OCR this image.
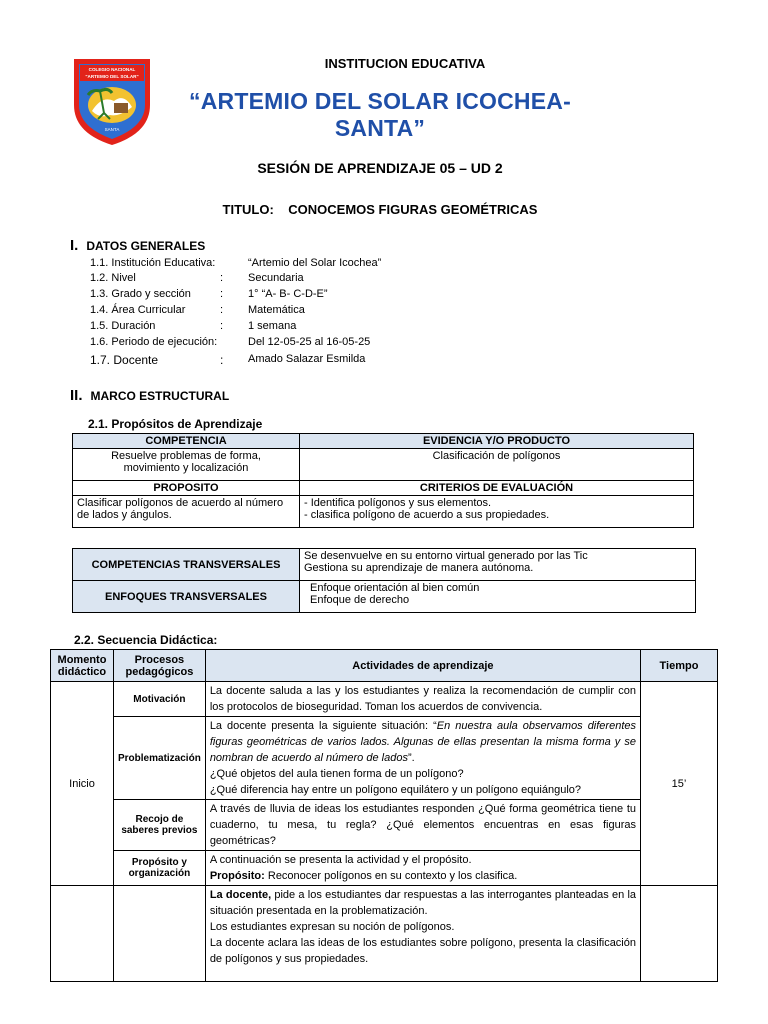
COLEGIO NACIONAL
"ARTEMIO DEL SOLAR"
SANTA
INSTITUCION EDUCATIVA
“ARTEMIO DEL SOLAR ICOCHEA-SANTA”
SESIÓN DE APRENDIZAJE 05 – UD 2
TITULO: CONOCEMOS FIGURAS GEOMÉTRICAS
I. DATOS GENERALES
1.1. Institución Educativa:	“Artemio del Solar Icochea”
1.2. Nivel	: Secundaria
1.3. Grado y sección	: 1° “A- B- C-D-E”
1.4. Área Curricular	: Matemática
1.5. Duración	: 1 semana
1.6. Periodo de ejecución:	Del 12-05-25 al 16-05-25
1.7. Docente	: Amado Salazar Esmilda
II. MARCO ESTRUCTURAL
2.1. Propósitos de Aprendizaje
COMPETENCIA	EVIDENCIA Y/O PRODUCTO

Resuelve problemas de forma,
movimiento y localización	Clasificación de polígonos
PROPOSITO	CRITERIOS DE EVALUACIÓN
Clasificar polígonos de acuerdo al número de lados y ángulos.	- Identifica polígonos y sus elementos.
- clasifica polígono de acuerdo a sus propiedades.
COMPETENCIAS TRANSVERSALES	Se desenvuelve en su entorno virtual generado por las Tic
Gestiona su aprendizaje de manera autónoma.

ENFOQUES TRANSVERSALES	Enfoque orientación al bien común
Enfoque de derecho
2.2. Secuencia Didáctica:
Momento didáctico	Procesos pedagógicos	Actividades de aprendizaje	Tiempo
Inicio	Motivación	La docente saluda a las y los estudiantes y realiza la recomendación de cumplir con los protocolos de bioseguridad. Toman los acuerdos de convivencia.	15’
	Problematización	La docente presenta la siguiente situación: “En nuestra aula observamos diferentes figuras geométricas de varios lados. Algunas de ellas presentan la misma forma y se nombran de acuerdo al número de lados”.
¿Qué objetos del aula tienen forma de un polígono?
¿Qué diferencia hay entre un polígono equilátero y un polígono equiángulo?	

	Recojo de saberes previos	A través de lluvia de ideas los estudiantes responden ¿Qué forma geométrica tiene tu cuaderno, tu mesa, tu regla? ¿Qué elementos encuentras en esas figuras geométricas?	
	Propósito y organización	A continuación se presenta la actividad y el propósito.
Propósito: Reconocer polígonos en su contexto y los clasifica.	

		La docente, pide a los estudiantes dar respuestas a las interrogantes planteadas en la situación presentada en la problematización.
Los estudiantes expresan su noción de polígonos.
La docente aclara las ideas de los estudiantes sobre polígono, presenta la clasificación de polígonos y sus propiedades.	
